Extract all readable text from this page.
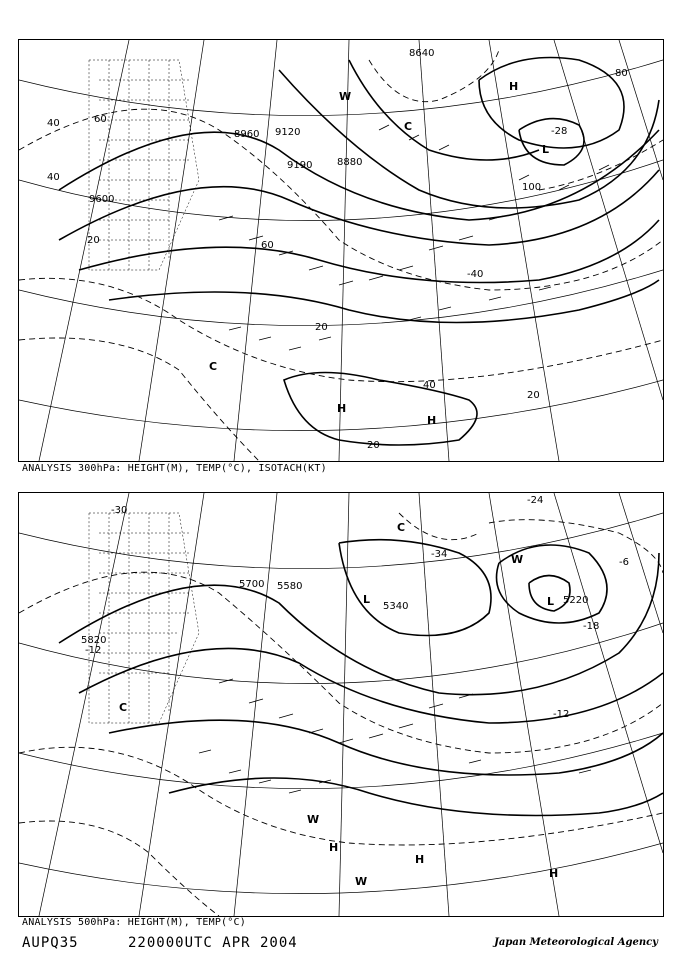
L
H
H
H
C
C
W
8640
8880
8960 9120
9190
9600
40	60
80
100
20
40
20
40
60
20
20
-40
-28
ANALYSIS 300hPa: HEIGHT(M), TEMP(°C), ISOTACH(KT)
L
L
H
H
H
W
W
W
C
C
5220
5340
5580
5700
5820
-12
-18
-30
-34
-6
-12
-24
ANALYSIS 500hPa: HEIGHT(M), TEMP(°C)
AUPQ35	220000UTC APR 2004	Japan Meteorological Agency
